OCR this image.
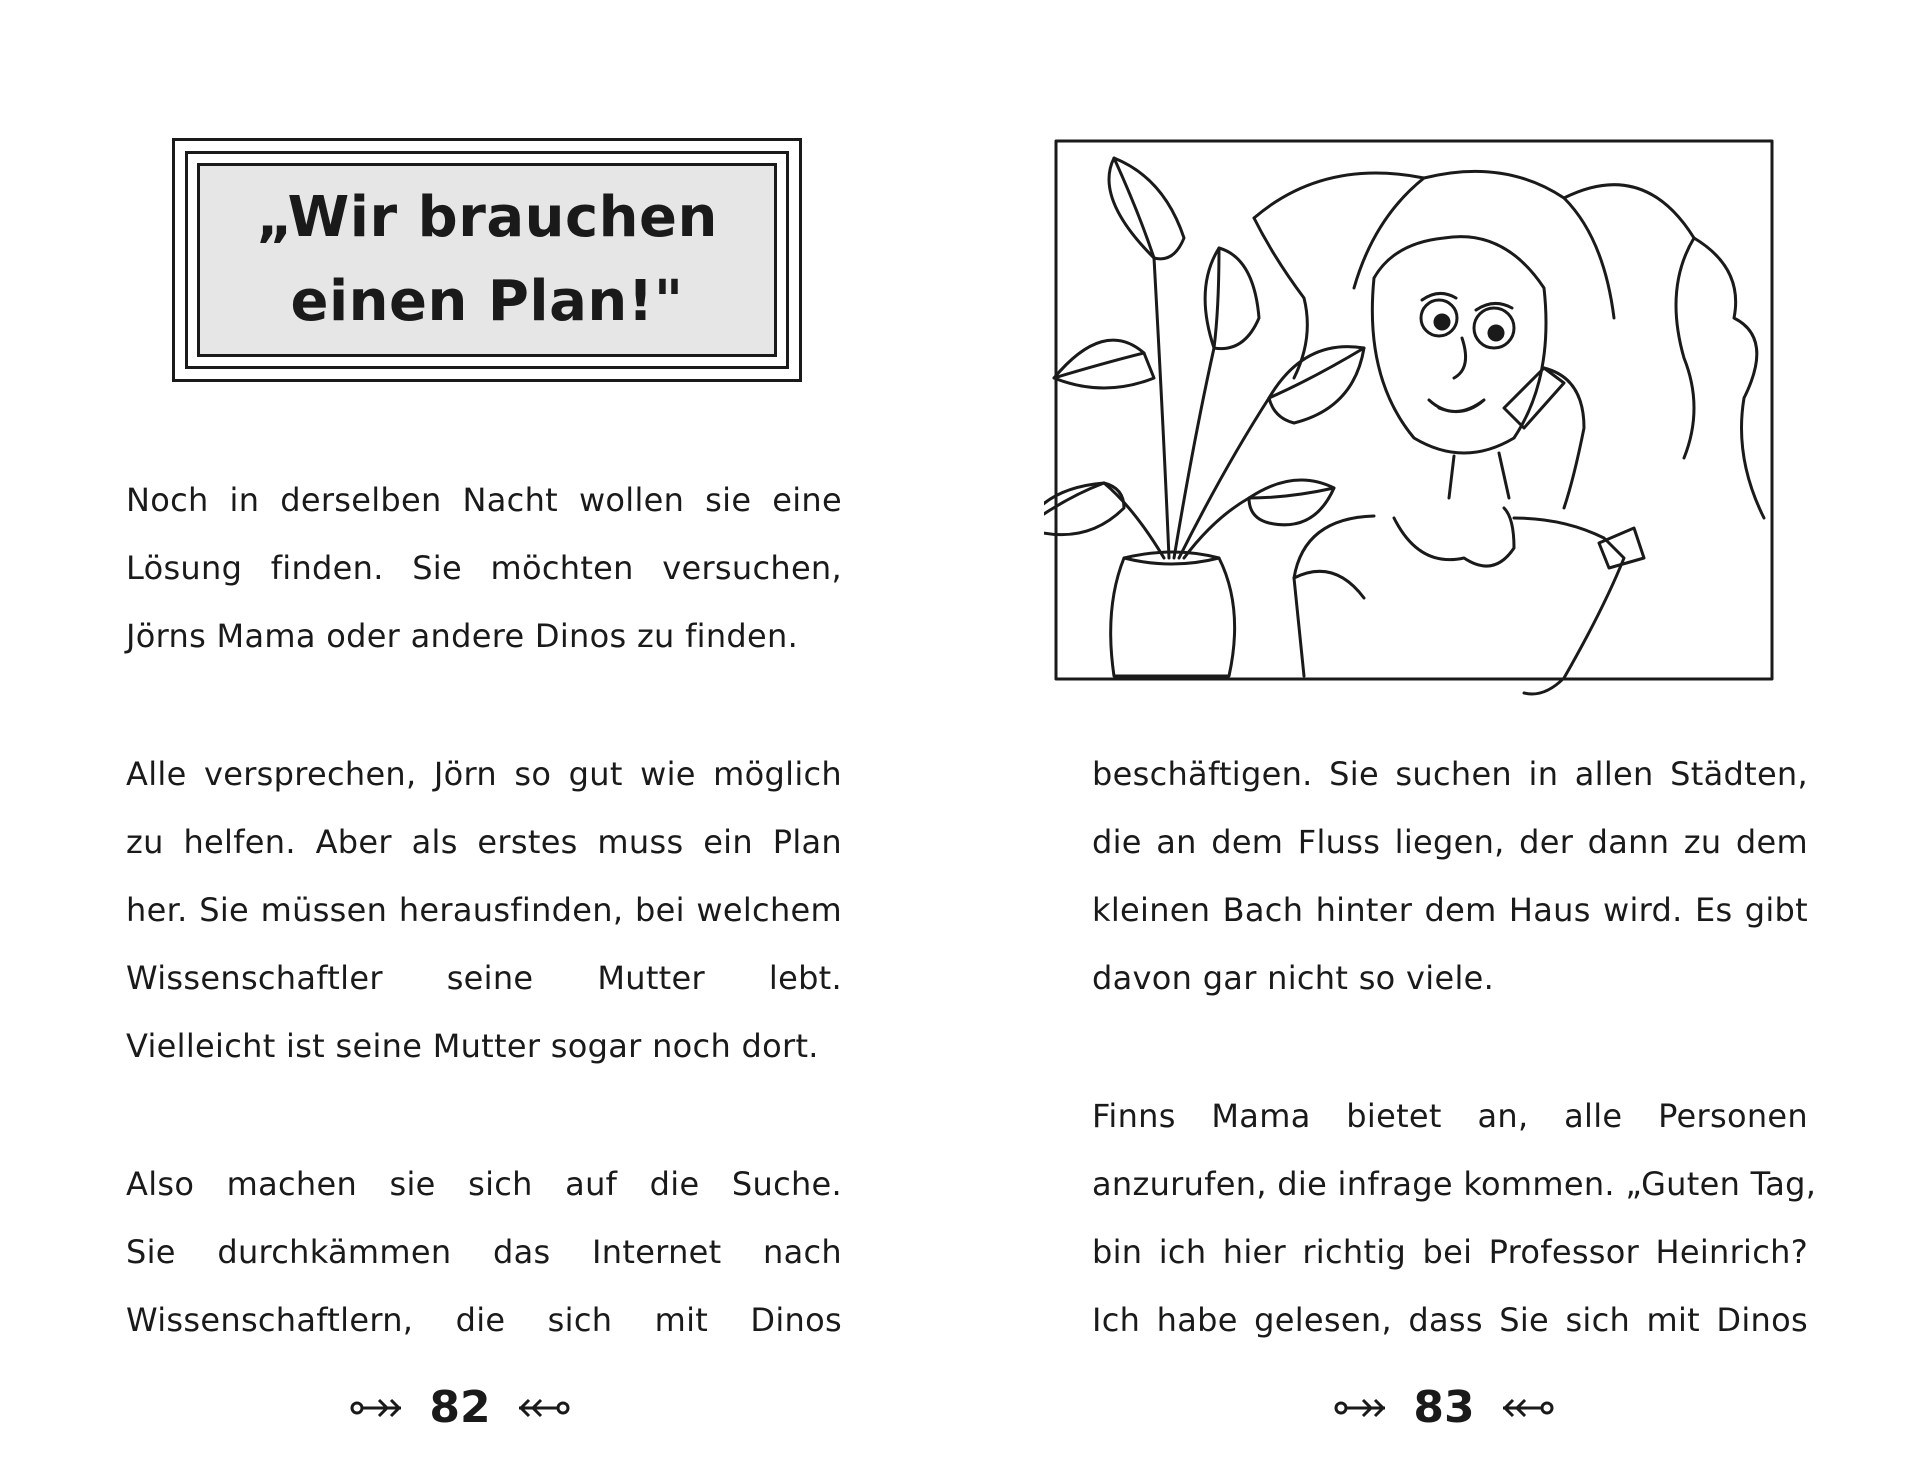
„Wir brauchen
einen Plan!"
Noch in derselben Nacht wollen sie eine
Lösung finden. Sie möchten versuchen,
Jörns Mama oder andere Dinos zu finden.
Alle versprechen, Jörn so gut wie möglich
zu helfen. Aber als erstes muss ein Plan
her. Sie müssen herausfinden, bei welchem
Wissenschaftler seine Mutter lebt.
Vielleicht ist seine Mutter sogar noch dort.
Also machen sie sich auf die Suche.
Sie durchkämmen das Internet nach
Wissenschaftlern, die sich mit Dinos
82
beschäftigen. Sie suchen in allen Städten,
die an dem Fluss liegen, der dann zu dem
kleinen Bach hinter dem Haus wird. Es gibt
davon gar nicht so viele.
Finns Mama bietet an, alle Personen
anzurufen, die infrage kommen. „Guten Tag,
bin ich hier richtig bei Professor Heinrich?
Ich habe gelesen, dass Sie sich mit Dinos
83
